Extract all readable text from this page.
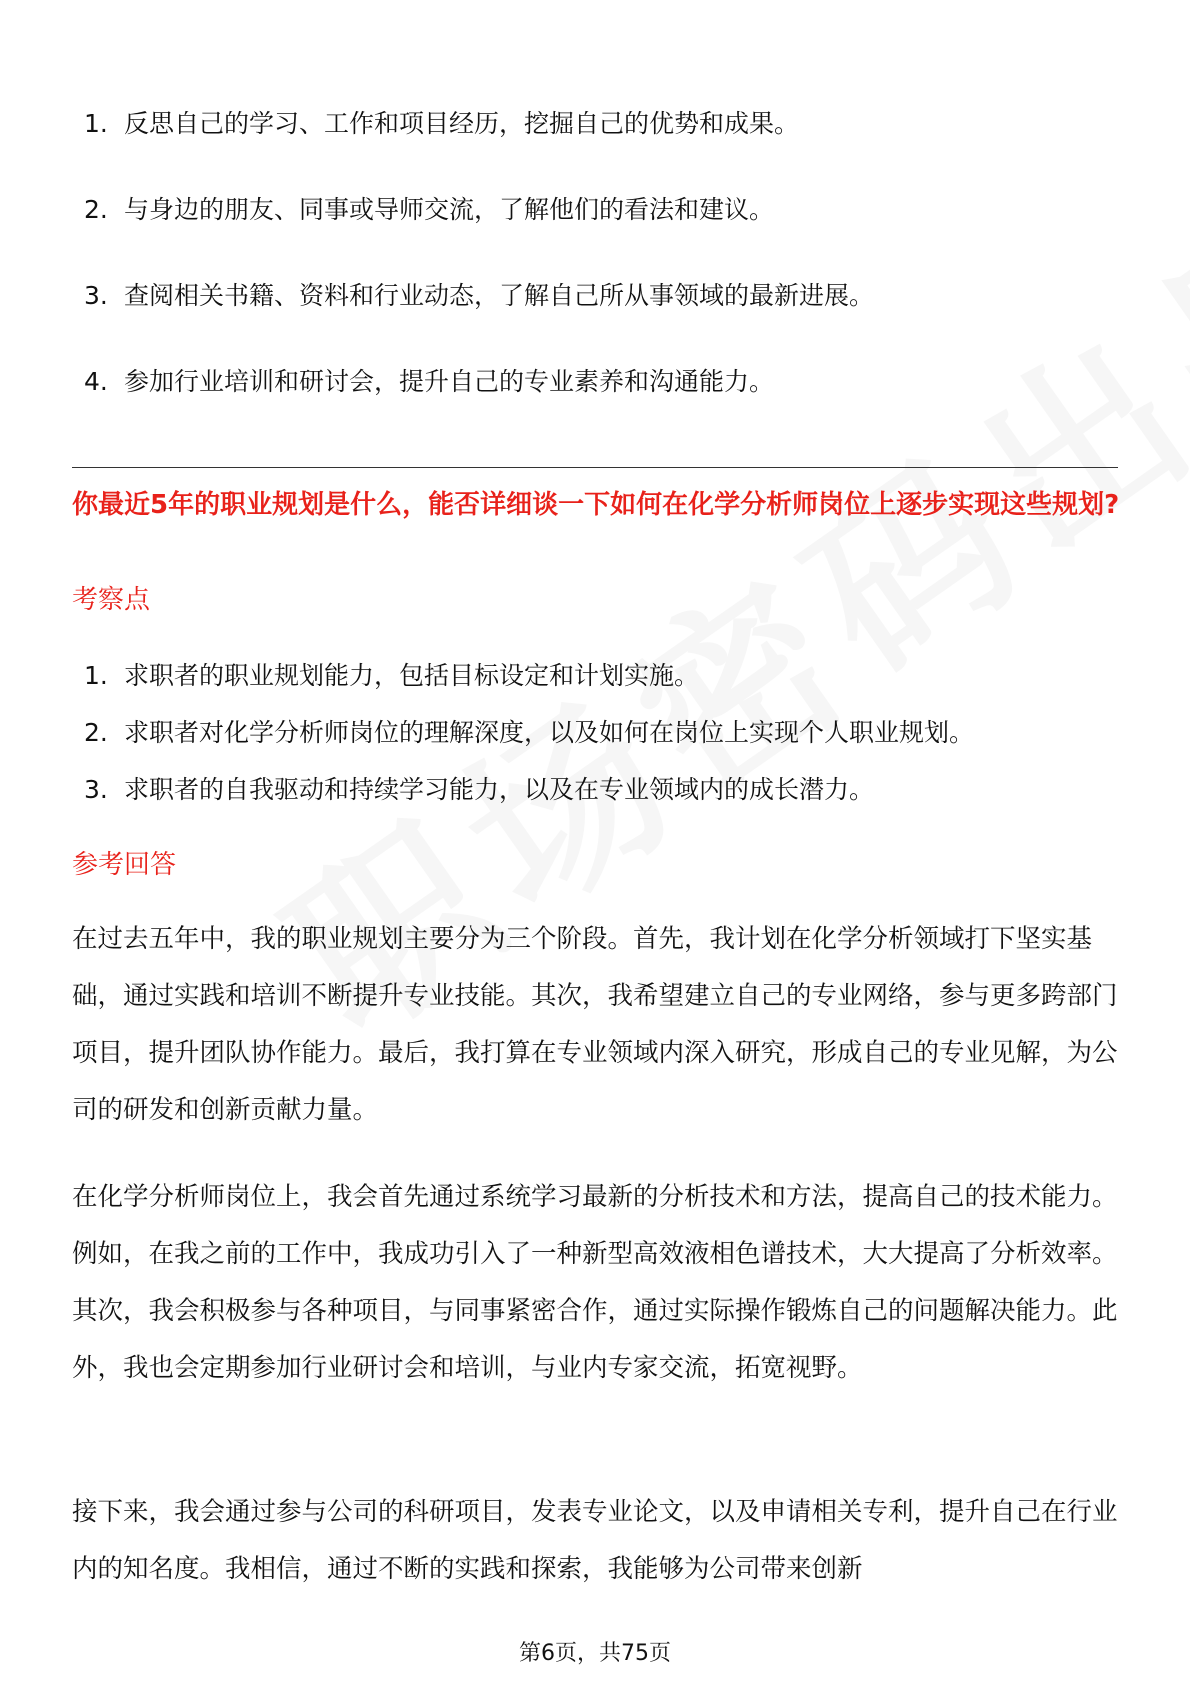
1. 反思自己的学习、工作和项目经历，挖掘自己的优势和成果。
2. 与身边的朋友、同事或导师交流，了解他们的看法和建议。
3. 查阅相关书籍、资料和行业动态，了解自己所从事领域的最新进展。
4. 参加行业培训和研讨会，提升自己的专业素养和沟通能力。
你最近5年的职业规划是什么，能否详细谈一下如何在化学分析师岗位上逐步实现这些规划?
考察点
1. 求职者的职业规划能力，包括目标设定和计划实施。
2. 求职者对化学分析师岗位的理解深度，以及如何在岗位上实现个人职业规划。
3. 求职者的自我驱动和持续学习能力，以及在专业领域内的成长潜力。
参考回答

在过去五年中，我的职业规划主要分为三个阶段。首先，我计划在化学分析领域打下坚实基础，通过实践和培训不断提升专业技能。其次，我希望建立自己的专业网络，参与更多跨部门项目，提升团队协作能力。最后，我打算在专业领域内深入研究，形成自己的专业见解，为公司的研发和创新贡献力量。

在化学分析师岗位上，我会首先通过系统学习最新的分析技术和方法，提高自己的技术能力。例如，在我之前的工作中，我成功引入了一种新型高效液相色谱技术，大大提高了分析效率。其次，我会积极参与各种项目，与同事紧密合作，通过实际操作锻炼自己的问题解决能力。此外，我也会定期参加行业研讨会和培训，与业内专家交流，拓宽视野。

接下来，我会通过参与公司的科研项目，发表专业论文，以及申请相关专利，提升自己在行业内的知名度。我相信，通过不断的实践和探索，我能够为公司带来创新

第6页，共75页
